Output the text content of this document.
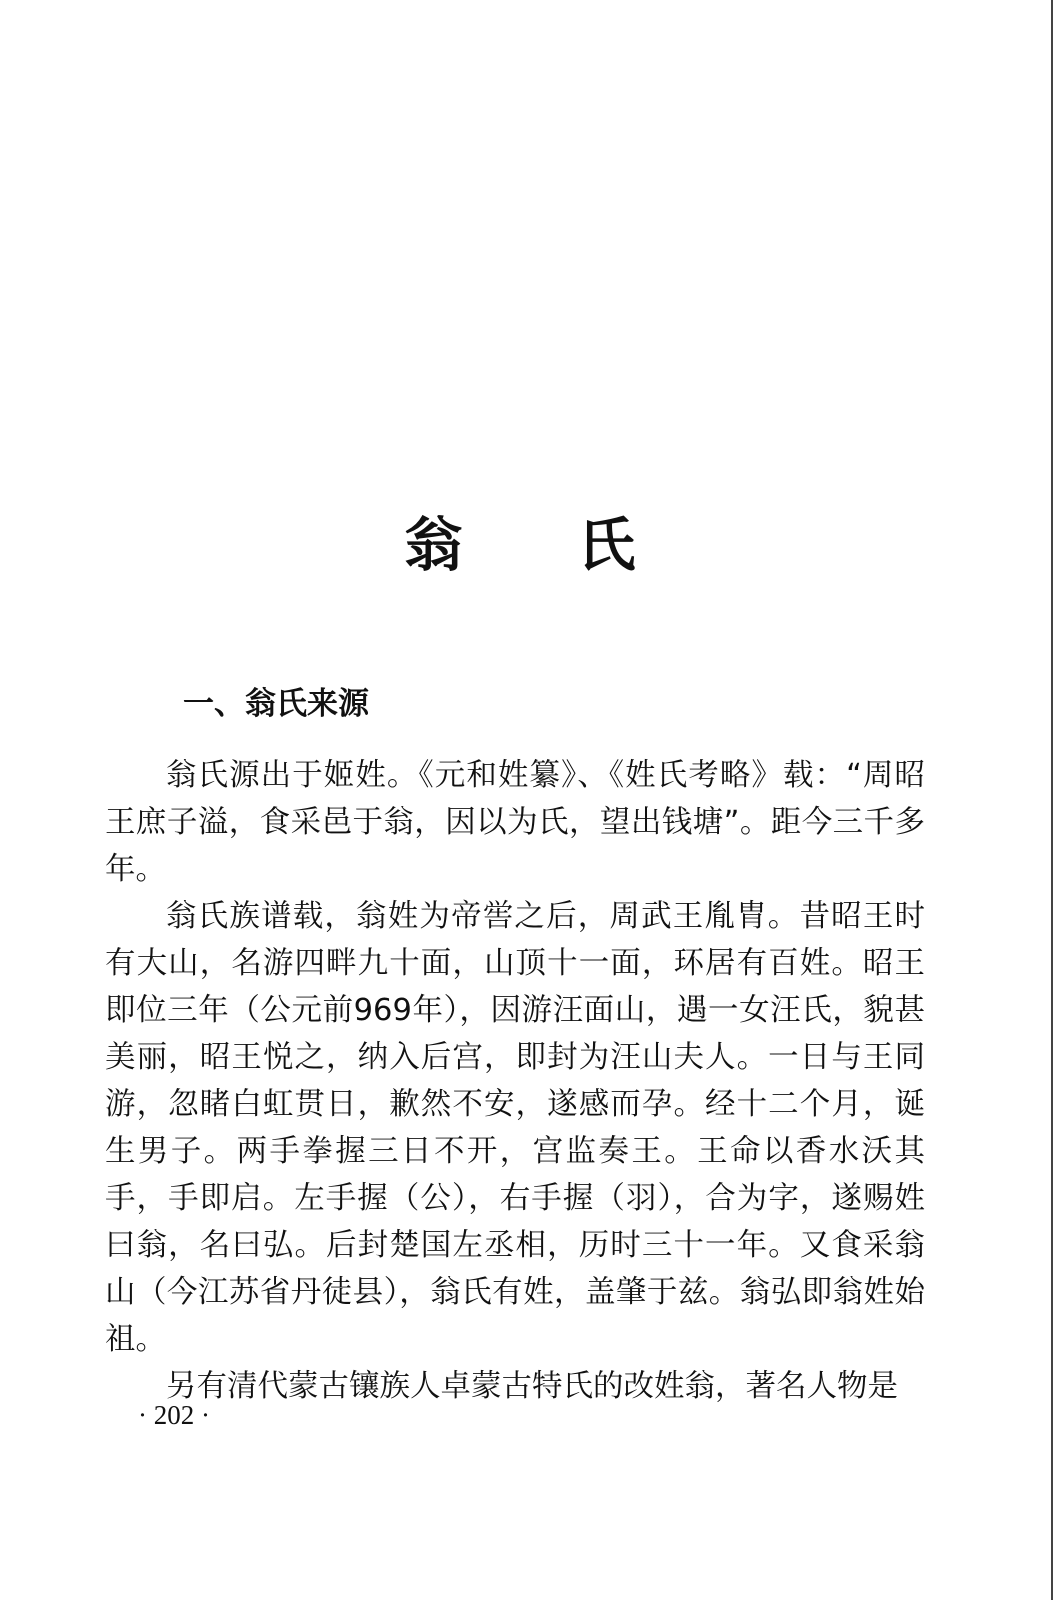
翁 氏
一、翁氏来源

翁氏源出于姬姓。《元和姓纂》、《姓氏考略》载：“周昭王庶子溢，食采邑于翁，因以为氏，望出钱塘”。距今三千多年。

翁氏族谱载，翁姓为帝喾之后，周武王胤胄。昔昭王时有大山，名游四畔九十面，山顶十一面，环居有百姓。昭王即位三年（公元前969年），因游汪面山，遇一女汪氏，貌甚美丽，昭王悦之，纳入后宫，即封为汪山夫人。一日与王同游，忽睹白虹贯日，歉然不安，遂感而孕。经十二个月，诞生男子。两手拳握三日不开，宫监奏王。王命以香水沃其手，手即启。左手握（公），右手握（羽），合为字，遂赐姓曰翁，名曰弘。后封楚国左丞相，历时三十一年。又食采翁山（今江苏省丹徒县），翁氏有姓，盖肇于兹。翁弘即翁姓始祖。

另有清代蒙古镶族人卓蒙古特氏的改姓翁，著名人物是

· 202 ·
